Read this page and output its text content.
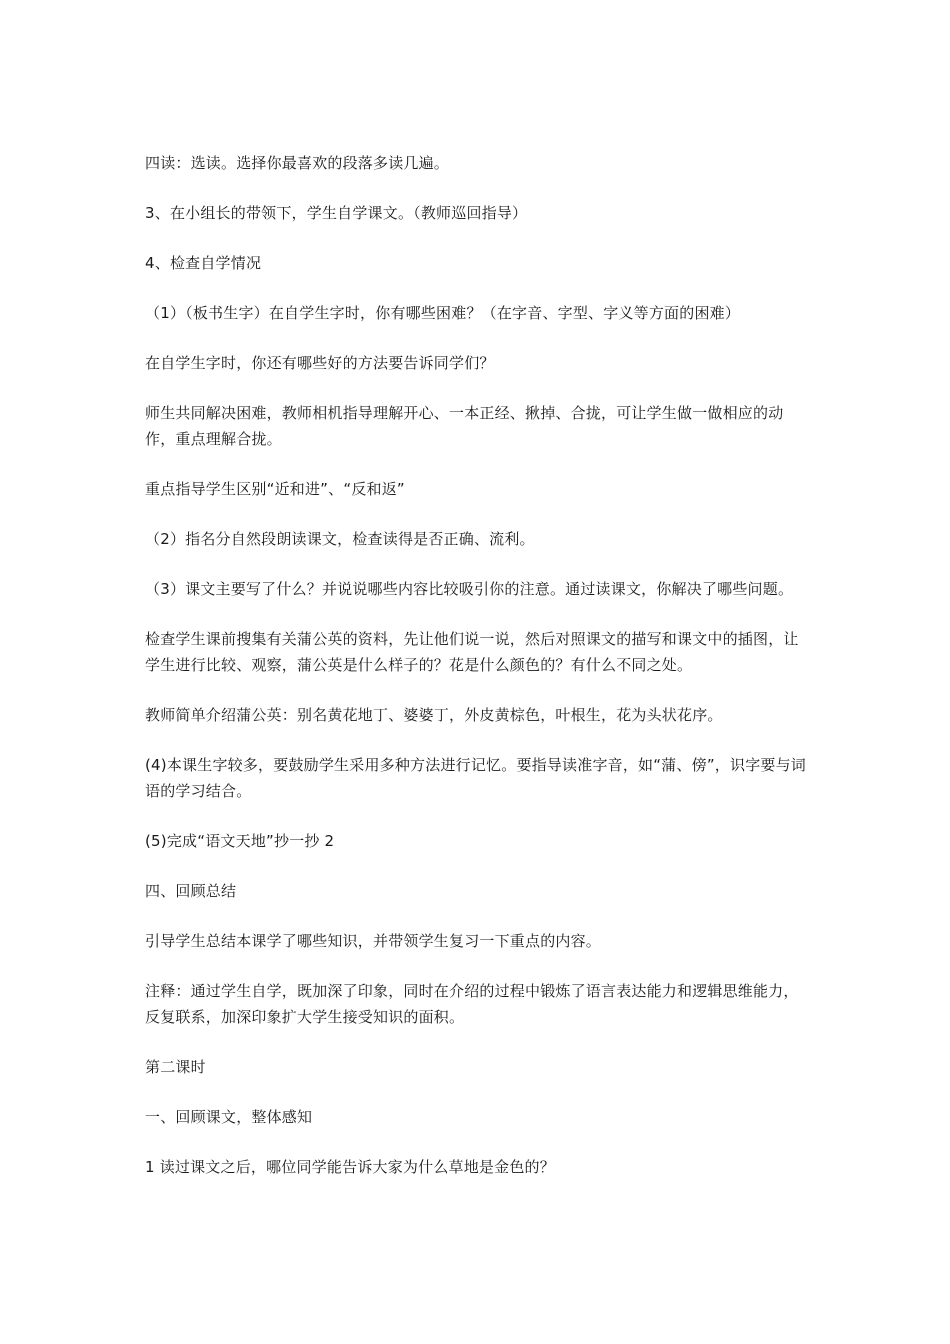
四读：选读。选择你最喜欢的段落多读几遍。

3、在小组长的带领下，学生自学课文。（教师巡回指导）

4、检查自学情况

（1）（板书生字）在自学生字时，你有哪些困难？（在字音、字型、字义等方面的困难）

在自学生字时，你还有哪些好的方法要告诉同学们？

师生共同解决困难，教师相机指导理解开心、一本正经、揪掉、合拢，可让学生做一做相应的动作，重点理解合拢。

重点指导学生区别“近和进”、“反和返”

（2）指名分自然段朗读课文，检查读得是否正确、流利。

（3）课文主要写了什么？并说说哪些内容比较吸引你的注意。通过读课文，你解决了哪些问题。

检查学生课前搜集有关蒲公英的资料，先让他们说一说，然后对照课文的描写和课文中的插图，让学生进行比较、观察，蒲公英是什么样子的？花是什么颜色的？有什么不同之处。

教师简单介绍蒲公英：别名黄花地丁、婆婆丁，外皮黄棕色，叶根生，花为头状花序。

(4)本课生字较多，要鼓励学生采用多种方法进行记忆。要指导读准字音，如“蒲、傍”，识字要与词语的学习结合。

(5)完成“语文天地”抄一抄 2

四、回顾总结

引导学生总结本课学了哪些知识，并带领学生复习一下重点的内容。

注释：通过学生自学，既加深了印象，同时在介绍的过程中锻炼了语言表达能力和逻辑思维能力，反复联系，加深印象扩大学生接受知识的面积。

第二课时

一、回顾课文，整体感知

1 读过课文之后，哪位同学能告诉大家为什么草地是金色的？
